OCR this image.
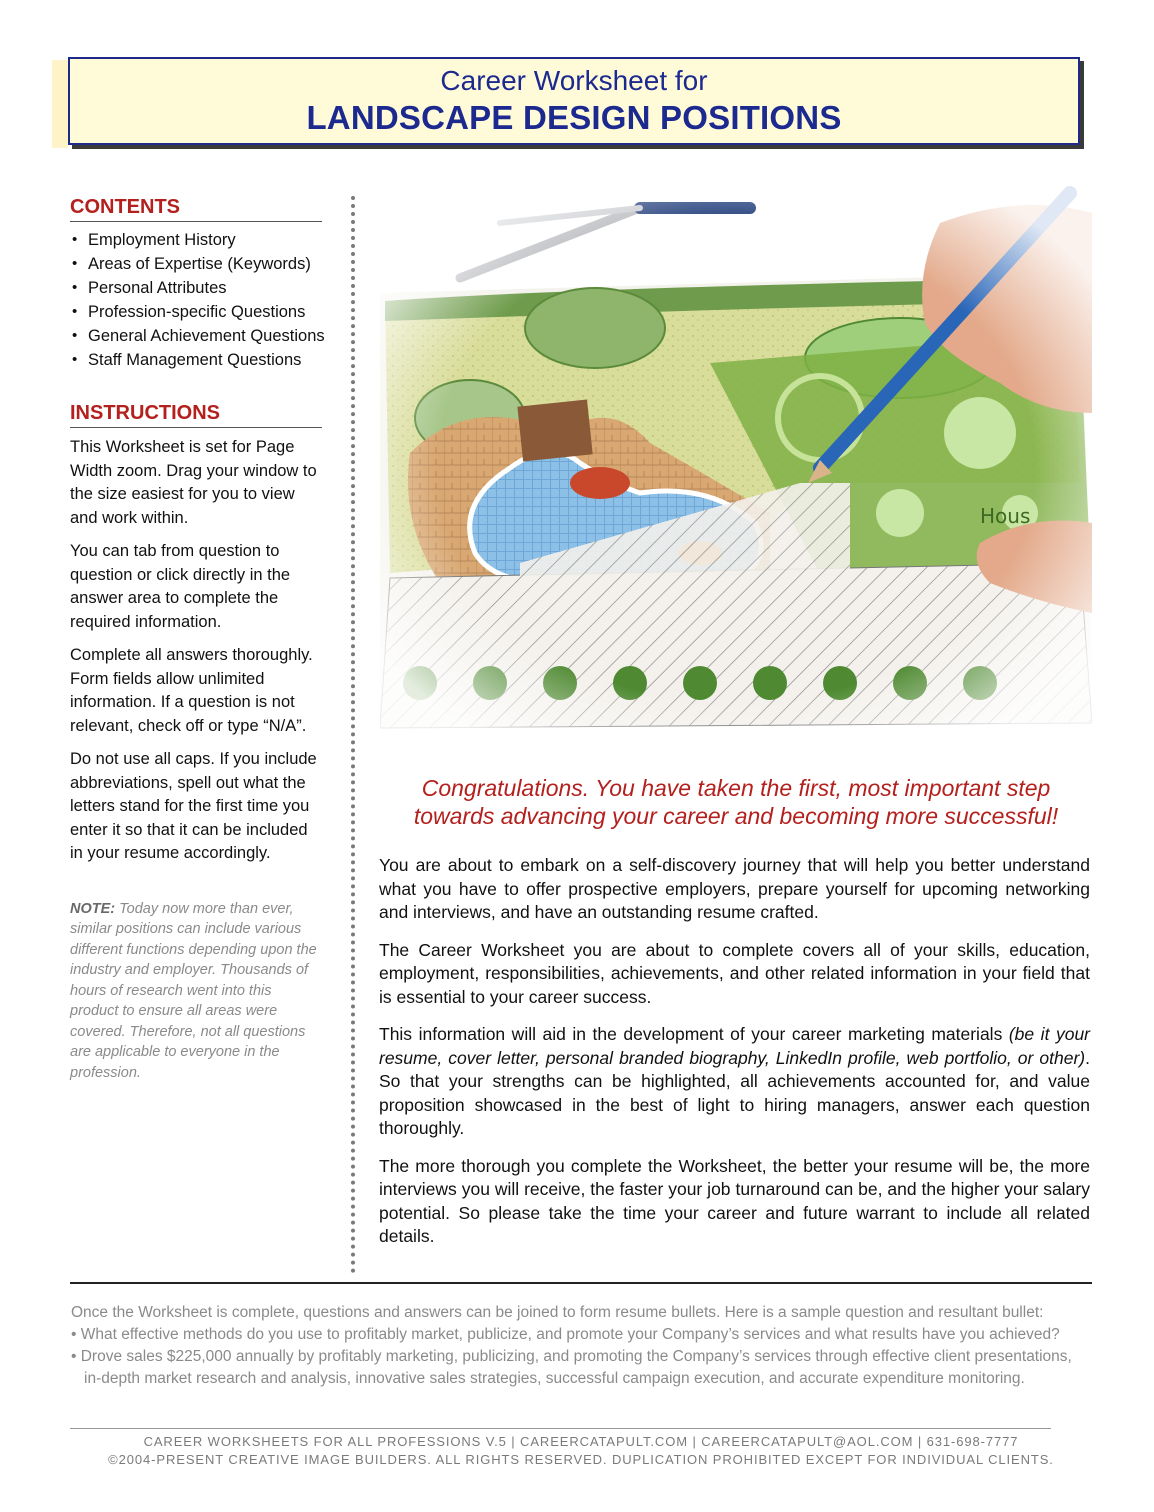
Career Worksheet for
LANDSCAPE DESIGN POSITIONS
CONTENTS
• Employment History
• Areas of Expertise (Keywords)
• Personal Attributes
• Profession-specific Questions
• General Achievement Questions
• Staff Management Questions
INSTRUCTIONS

This Worksheet is set for Page Width zoom. Drag your window to the size easiest for you to view and work within.

You can tab from question to question or click directly in the answer area to complete the required information.

Complete all answers thoroughly. Form fields allow unlimited information. If a question is not relevant, check off or type “N/A”.

Do not use all caps. If you include abbreviations, spell out what the letters stand for the first time you enter it so that it can be included in your resume accordingly.

NOTE: Today now more than ever, similar positions can include various different functions depending upon the industry and employer. Thousands of hours of research went into this product to ensure all areas were covered. Therefore, not all questions are applicable to everyone in the profession.
Congratulations. You have taken the first, most important step
towards advancing your career and becoming more successful!

You are about to embark on a self-discovery journey that will help you better understand what you have to offer prospective employers, prepare yourself for upcoming networking and interviews, and have an outstanding resume crafted.

The Career Worksheet you are about to complete covers all of your skills, education, employment, responsibilities, achievements, and other related information in your field that is essential to your career success.

This information will aid in the development of your career marketing materials (be it your resume, cover letter, personal branded biography, LinkedIn profile, web portfolio, or other). So that your strengths can be highlighted, all achievements accounted for, and value proposition showcased in the best of light to hiring managers, answer each question thoroughly.

The more thorough you complete the Worksheet, the better your resume will be, the more interviews you will receive, the faster your job turnaround can be, and the higher your salary potential. So please take the time your career and future warrant to include all related details.

Once the Worksheet is complete, questions and answers can be joined to form resume bullets. Here is a sample question and resultant bullet:
• What effective methods do you use to profitably market, publicize, and promote your Company’s services and what results have you achieved?
• Drove sales $225,000 annually by profitably marketing, publicizing, and promoting the Company’s services through effective client presentations,
in-depth market research and analysis, innovative sales strategies, successful campaign execution, and accurate expenditure monitoring.
CAREER WORKSHEETS FOR ALL PROFESSIONS V.5 | CAREERCATAPULT.COM | CAREERCATAPULT@AOL.COM | 631-698-7777
©2004-PRESENT CREATIVE IMAGE BUILDERS. ALL RIGHTS RESERVED. DUPLICATION PROHIBITED EXCEPT FOR INDIVIDUAL CLIENTS.
